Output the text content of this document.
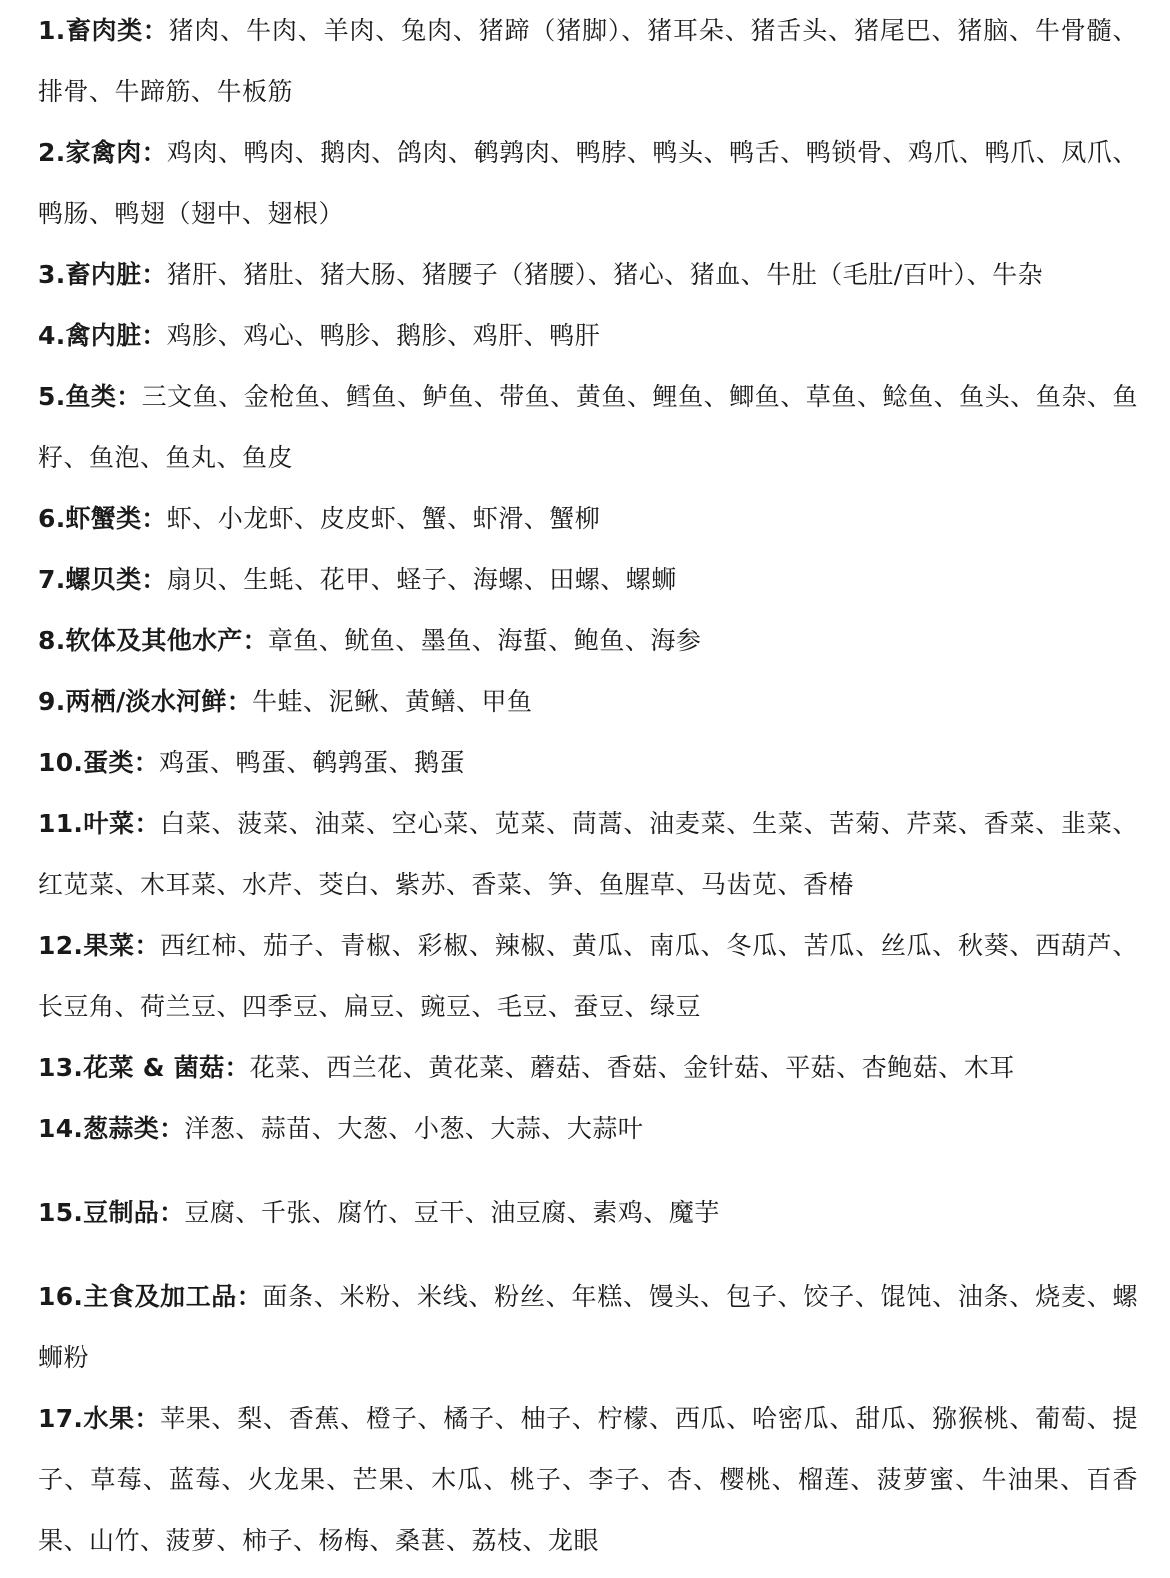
1.畜肉类：猪肉、牛肉、羊肉、兔肉、猪蹄（猪脚）、猪耳朵、猪舌头、猪尾巴、猪脑、牛骨髓、排骨、牛蹄筋、牛板筋

2.家禽肉：鸡肉、鸭肉、鹅肉、鸽肉、鹌鹑肉、鸭脖、鸭头、鸭舌、鸭锁骨、鸡爪、鸭爪、凤爪、鸭肠、鸭翅（翅中、翅根）

3.畜内脏：猪肝、猪肚、猪大肠、猪腰子（猪腰）、猪心、猪血、牛肚（毛肚/百叶）、牛杂

4.禽内脏：鸡胗、鸡心、鸭胗、鹅胗、鸡肝、鸭肝

5.鱼类：三文鱼、金枪鱼、鳕鱼、鲈鱼、带鱼、黄鱼、鲤鱼、鲫鱼、草鱼、鲶鱼、鱼头、鱼杂、鱼籽、鱼泡、鱼丸、鱼皮

6.虾蟹类：虾、小龙虾、皮皮虾、蟹、虾滑、蟹柳

7.螺贝类：扇贝、生蚝、花甲、蛏子、海螺、田螺、螺蛳

8.软体及其他水产：章鱼、鱿鱼、墨鱼、海蜇、鲍鱼、海参

9.两栖/淡水河鲜：牛蛙、泥鳅、黄鳝、甲鱼

10.蛋类：鸡蛋、鸭蛋、鹌鹑蛋、鹅蛋

11.叶菜：白菜、菠菜、油菜、空心菜、苋菜、茼蒿、油麦菜、生菜、苦菊、芹菜、香菜、韭菜、红苋菜、木耳菜、水芹、茭白、紫苏、香菜、笋、鱼腥草、马齿苋、香椿

12.果菜：西红柿、茄子、青椒、彩椒、辣椒、黄瓜、南瓜、冬瓜、苦瓜、丝瓜、秋葵、西葫芦、长豆角、荷兰豆、四季豆、扁豆、豌豆、毛豆、蚕豆、绿豆

13.花菜 & 菌菇：花菜、西兰花、黄花菜、蘑菇、香菇、金针菇、平菇、杏鲍菇、木耳

14.葱蒜类：洋葱、蒜苗、大葱、小葱、大蒜、大蒜叶

15.豆制品：豆腐、千张、腐竹、豆干、油豆腐、素鸡、魔芋

16.主食及加工品：面条、米粉、米线、粉丝、年糕、馒头、包子、饺子、馄饨、油条、烧麦、螺蛳粉

17.水果：苹果、梨、香蕉、橙子、橘子、柚子、柠檬、西瓜、哈密瓜、甜瓜、猕猴桃、葡萄、提子、草莓、蓝莓、火龙果、芒果、木瓜、桃子、李子、杏、樱桃、榴莲、菠萝蜜、牛油果、百香果、山竹、菠萝、柿子、杨梅、桑葚、荔枝、龙眼
